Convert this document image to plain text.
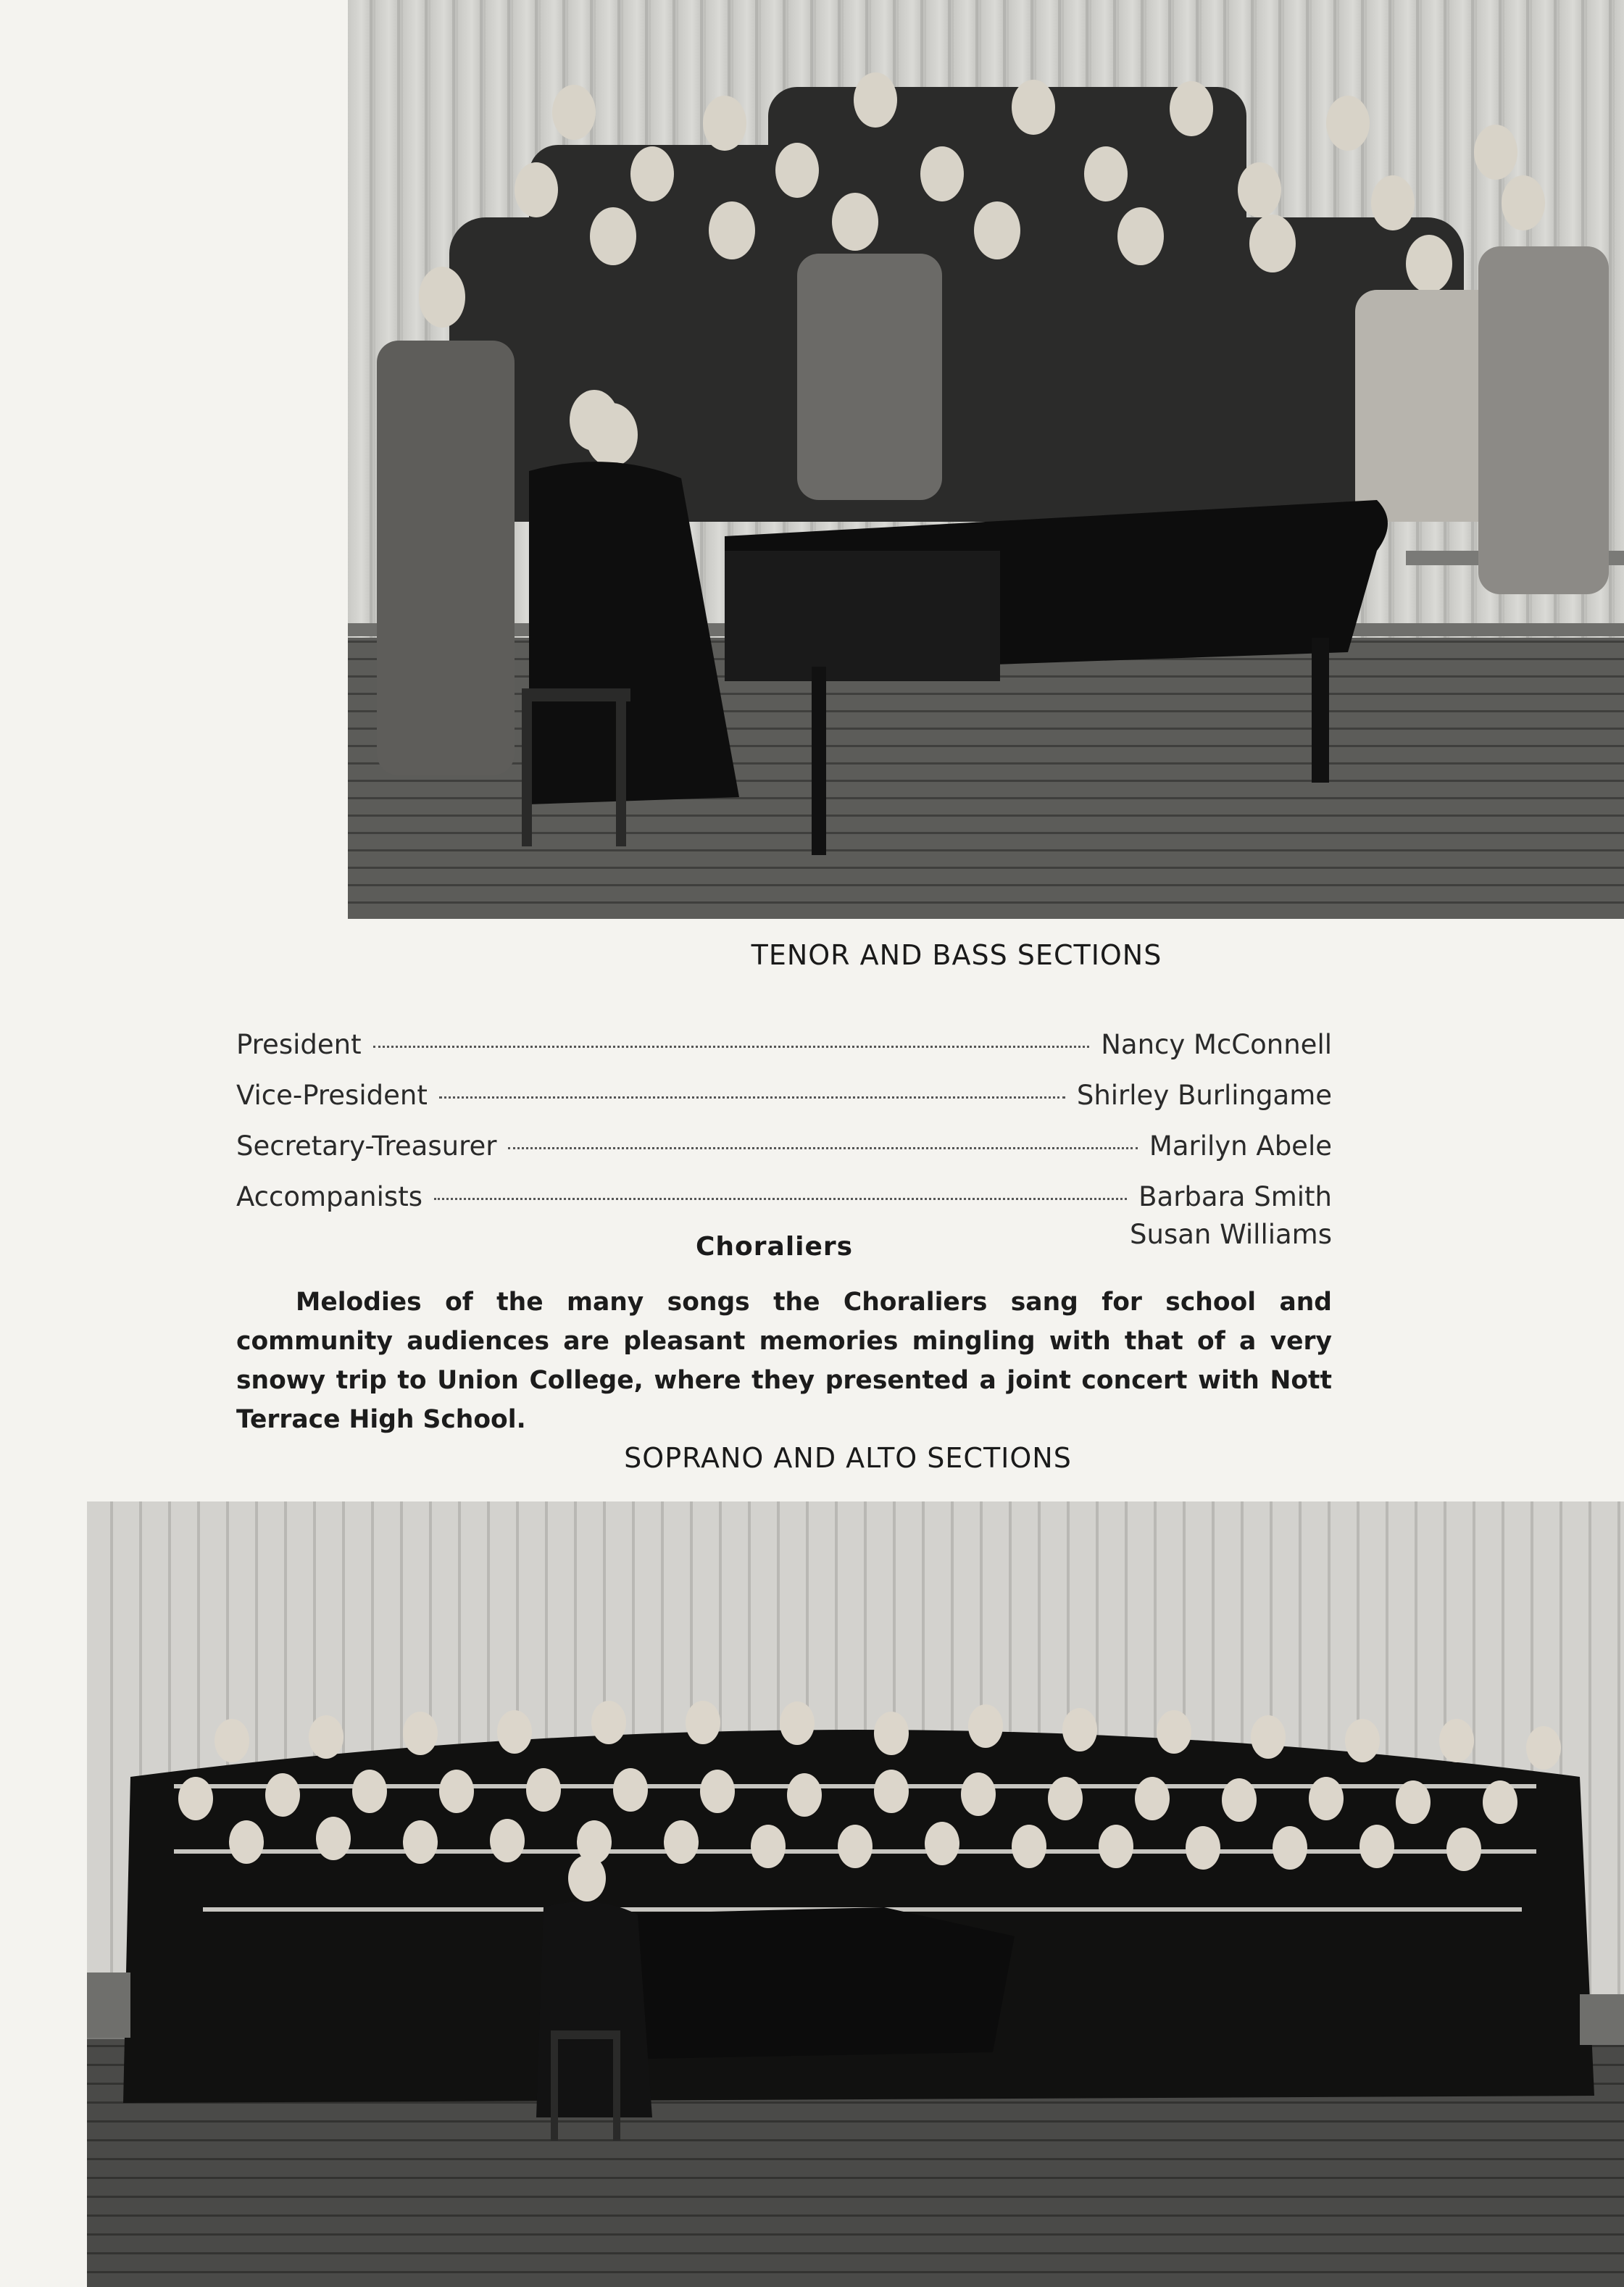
TENOR AND BASS SECTIONS
President	Nancy McConnell
Vice-President	Shirley Burlingame
Secretary-Treasurer	Marilyn Abele
Accompanists	Barbara Smith
Susan Williams
Choraliers
Melodies of the many songs the Choraliers sang for school and community audiences are pleasant memories mingling with that of a very snowy trip to Union College, where they presented a joint concert with Nott Terrace High School.
SOPRANO AND ALTO SECTIONS
